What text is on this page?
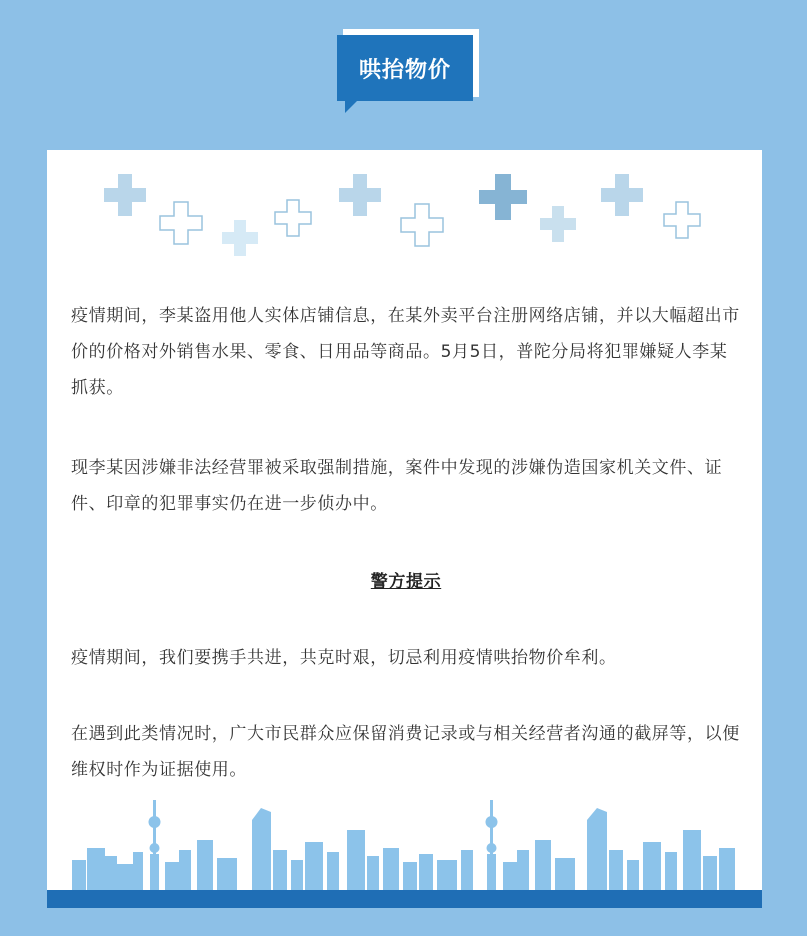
哄抬物价

疫情期间，李某盗用他人实体店铺信息，在某外卖平台注册网络店铺，并以大幅超出市价的价格对外销售水果、零食、日用品等商品。5月5日，普陀分局将犯罪嫌疑人李某抓获。

现李某因涉嫌非法经营罪被采取强制措施，案件中发现的涉嫌伪造国家机关文件、证件、印章的犯罪事实仍在进一步侦办中。

警方提示

疫情期间，我们要携手共进，共克时艰，切忌利用疫情哄抬物价牟利。

在遇到此类情况时，广大市民群众应保留消费记录或与相关经营者沟通的截屏等，以便维权时作为证据使用。
